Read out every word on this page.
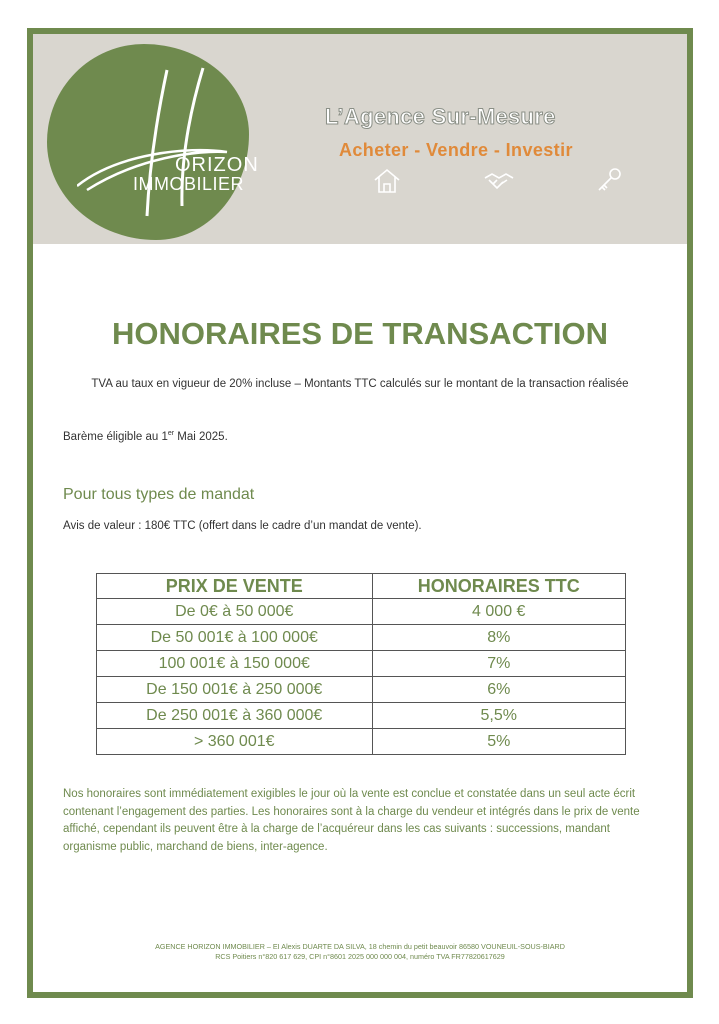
ORIZON
IMMOBILIER
L’Agence Sur-Mesure
Acheter - Vendre - Investir
HONORAIRES DE TRANSACTION
TVA au taux en vigueur de 20% incluse – Montants TTC calculés sur le montant de la transaction réalisée
Barème éligible au 1er Mai 2025.
Pour tous types de mandat
Avis de valeur : 180€ TTC (offert dans le cadre d’un mandat de vente).
PRIX DE VENTE	HONORAIRES TTC
De 0€ à 50 000€	4 000 €
De 50 001€ à 100 000€	8%
100 001€ à 150 000€	7%
De 150 001€ à 250 000€	6%
De 250 001€ à 360 000€	5,5%
> 360 001€	5%
Nos honoraires sont immédiatement exigibles le jour où la vente est conclue et constatée dans un seul acte écrit contenant l’engagement des parties. Les honoraires sont à la charge du vendeur et intégrés dans le prix de vente affiché, cependant ils peuvent être à la charge de l’acquéreur dans les cas suivants : successions, mandant organisme public, marchand de biens, inter-agence.
AGENCE HORIZON IMMOBILIER – EI Alexis DUARTE DA SILVA, 18 chemin du petit beauvoir 86580 VOUNEUIL-SOUS-BIARD
RCS Poitiers n°820 617 629, CPI n°8601 2025 000 000 004, numéro TVA FR77820617629
